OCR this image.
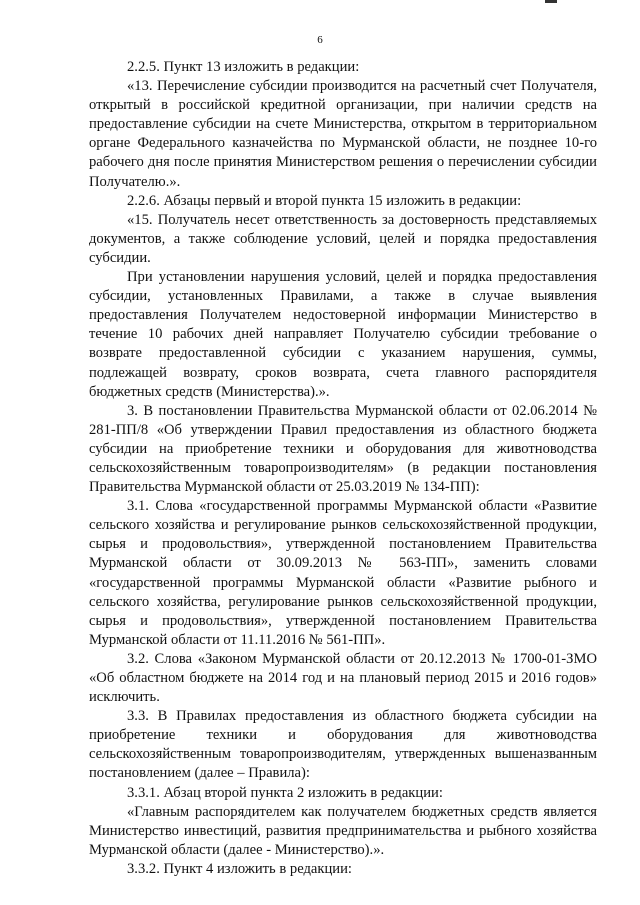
6

2.2.5. Пункт 13 изложить в редакции:

«13. Перечисление субсидии производится на расчетный счет Получателя, открытый в российской кредитной организации, при наличии средств на предоставление субсидии на счете Министерства, открытом в территориальном органе Федерального казначейства по Мурманской области, не позднее 10-го рабочего дня после принятия Министерством решения о перечислении субсидии Получателю.».

2.2.6. Абзацы первый и второй пункта 15 изложить в редакции:

«15. Получатель несет ответственность за достоверность представляемых документов, а также соблюдение условий, целей и порядка предоставления субсидии.

При установлении нарушения условий, целей и порядка предоставления субсидии, установленных Правилами, а также в случае выявления предоставления Получателем недостоверной информации Министерство в течение 10 рабочих дней направляет Получателю субсидии требование о возврате предоставленной субсидии с указанием нарушения, суммы, подлежащей возврату, сроков возврата, счета главного распорядителя бюджетных средств (Министерства).».

3. В постановлении Правительства Мурманской области от 02.06.2014 № 281-ПП/8 «Об утверждении Правил предоставления из областного бюджета субсидии на приобретение техники и оборудования для животноводства сельскохозяйственным товаропроизводителям» (в редакции постановления Правительства Мурманской области от 25.03.2019 № 134-ПП):

3.1. Слова «государственной программы Мурманской области «Развитие сельского хозяйства и регулирование рынков сельскохозяйственной продукции, сырья и продовольствия», утвержденной постановлением Правительства Мурманской области от 30.09.2013 № 563-ПП», заменить словами «государственной программы Мурманской области «Развитие рыбного и сельского хозяйства, регулирование рынков сельскохозяйственной продукции, сырья и продовольствия», утвержденной постановлением Правительства Мурманской области от 11.11.2016 № 561-ПП».

3.2. Слова «Законом Мурманской области от 20.12.2013 № 1700-01-ЗМО «Об областном бюджете на 2014 год и на плановый период 2015 и 2016 годов» исключить.

3.3. В Правилах предоставления из областного бюджета субсидии на приобретение техники и оборудования для животноводства сельскохозяйственным товаропроизводителям, утвержденных вышеназванным постановлением (далее – Правила):

3.3.1. Абзац второй пункта 2 изложить в редакции:

«Главным распорядителем как получателем бюджетных средств является Министерство инвестиций, развития предпринимательства и рыбного хозяйства Мурманской области (далее - Министерство).».

3.3.2. Пункт 4 изложить в редакции:
